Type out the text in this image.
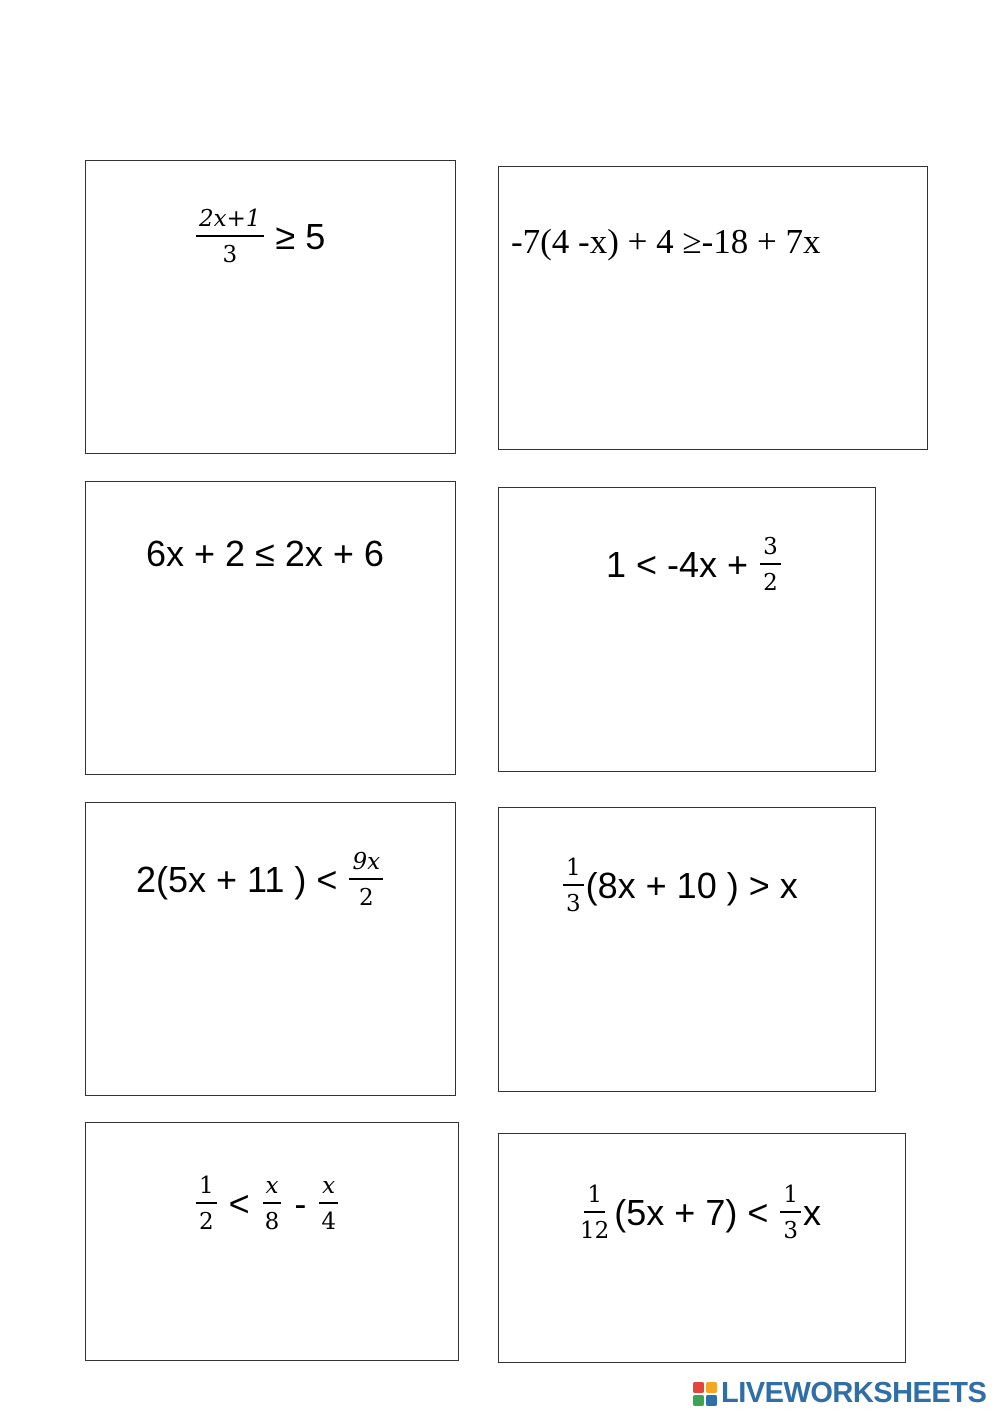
$\frac{2x+1}{3} \ge 5$	-7(4 -x) + 4 ≥-18 + 7x
6x + 2 ≤ 2x + 6	$1 < -4x + \frac{3}{2}$
2(5x + 11 ) < $\frac{9x}{2}$	$\frac{1}{3} (8x + 10$ ) > x
$\frac{1}{2} < \frac{x}{8} - \frac{x}{4}$	$\frac{1}{12} (5x + 7) < \frac{1}{3}$ x
LIVEWORKSHEETS
